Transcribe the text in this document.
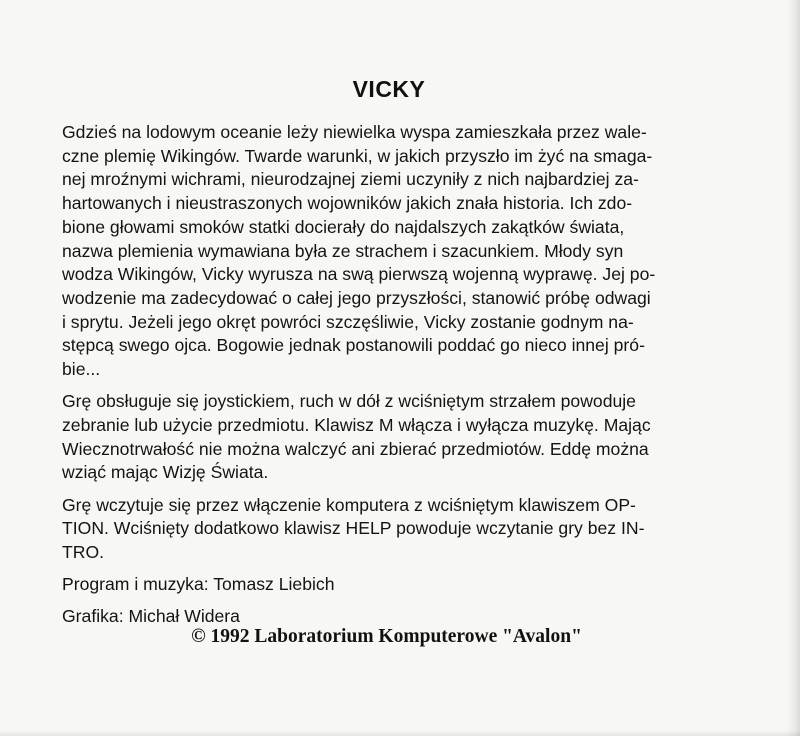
VICKY
Gdzieś na lodowym oceanie leży niewielka wyspa zamieszkała przez wale-
czne plemię Wikingów. Twarde warunki, w jakich przyszło im żyć na smaga-
nej mroźnymi wichrami, nieurodzajnej ziemi uczyniły z nich najbardziej za-
hartowanych i nieustraszonych wojowników jakich znała historia. Ich zdo-
bione głowami smoków statki docierały do najdalszych zakątków świata,
nazwa plemienia wymawiana była ze strachem i szacunkiem. Młody syn
wodza Wikingów, Vicky wyrusza na swą pierwszą wojenną wyprawę. Jej po-
wodzenie ma zadecydować o całej jego przyszłości, stanowić próbę odwagi
i sprytu. Jeżeli jego okręt powróci szczęśliwie, Vicky zostanie godnym na-
stępcą swego ojca. Bogowie jednak postanowili poddać go nieco innej pró-
bie...
Grę obsługuje się joystickiem, ruch w dół z wciśniętym strzałem powoduje
zebranie lub użycie przedmiotu. Klawisz M włącza i wyłącza muzykę. Mając
Wiecznotrwałość nie można walczyć ani zbierać przedmiotów. Eddę można
wziąć mając Wizję Świata.
Grę wczytuje się przez włączenie komputera z wciśniętym klawiszem OP-
TION. Wciśnięty dodatkowo klawisz HELP powoduje wczytanie gry bez IN-
TRO.
Program i muzyka: Tomasz Liebich
Grafika: Michał Widera
© 1992 Laboratorium Komputerowe "Avalon"
